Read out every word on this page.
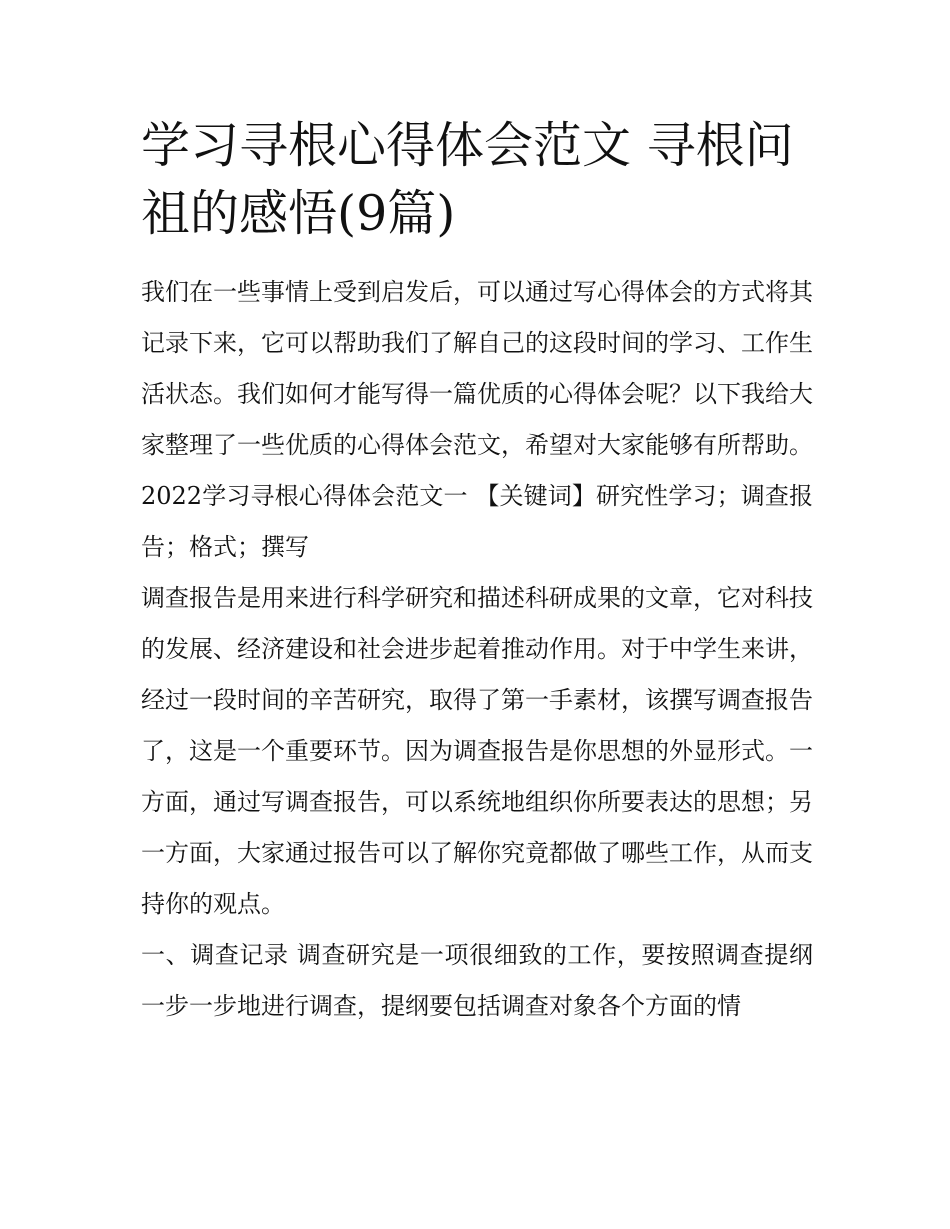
学习寻根心得体会范文 寻根问祖的感悟(9篇)

我们在一些事情上受到启发后，可以通过写心得体会的方式将其记录下来，它可以帮助我们了解自己的这段时间的学习、工作生活状态。我们如何才能写得一篇优质的心得体会呢？以下我给大家整理了一些优质的心得体会范文，希望对大家能够有所帮助。

2022学习寻根心得体会范文一 【关键词】研究性学习；调查报告；格式；撰写

调查报告是用来进行科学研究和描述科研成果的文章，它对科技的发展、经济建设和社会进步起着推动作用。对于中学生来讲，经过一段时间的辛苦研究，取得了第一手素材，该撰写调查报告了，这是一个重要环节。因为调查报告是你思想的外显形式。一方面，通过写调查报告，可以系统地组织你所要表达的思想；另一方面，大家通过报告可以了解你究竟都做了哪些工作，从而支持你的观点。

一、调查记录 调查研究是一项很细致的工作，要按照调查提纲一步一步地进行调查，提纲要包括调查对象各个方面的情
